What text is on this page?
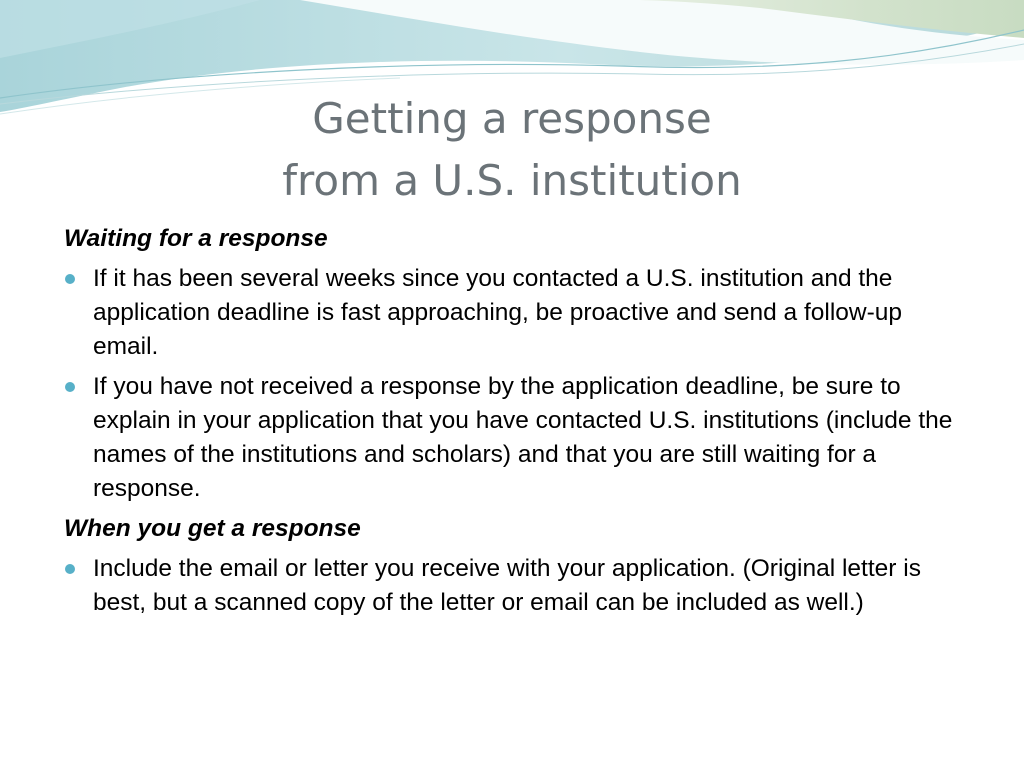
Getting a response
from a U.S. institution
Waiting for a response
If it has been several weeks since you contacted a U.S. institution and the application deadline is fast approaching, be proactive and send a follow-up email.
If you have not received a response by the application deadline, be sure to explain in your application that you have contacted U.S. institutions (include the names of the institutions and scholars) and that you are still waiting for a response.
When you get a response
Include the email or letter you receive with your application. (Original letter is best, but a scanned copy of the letter or email can be included as well.)
